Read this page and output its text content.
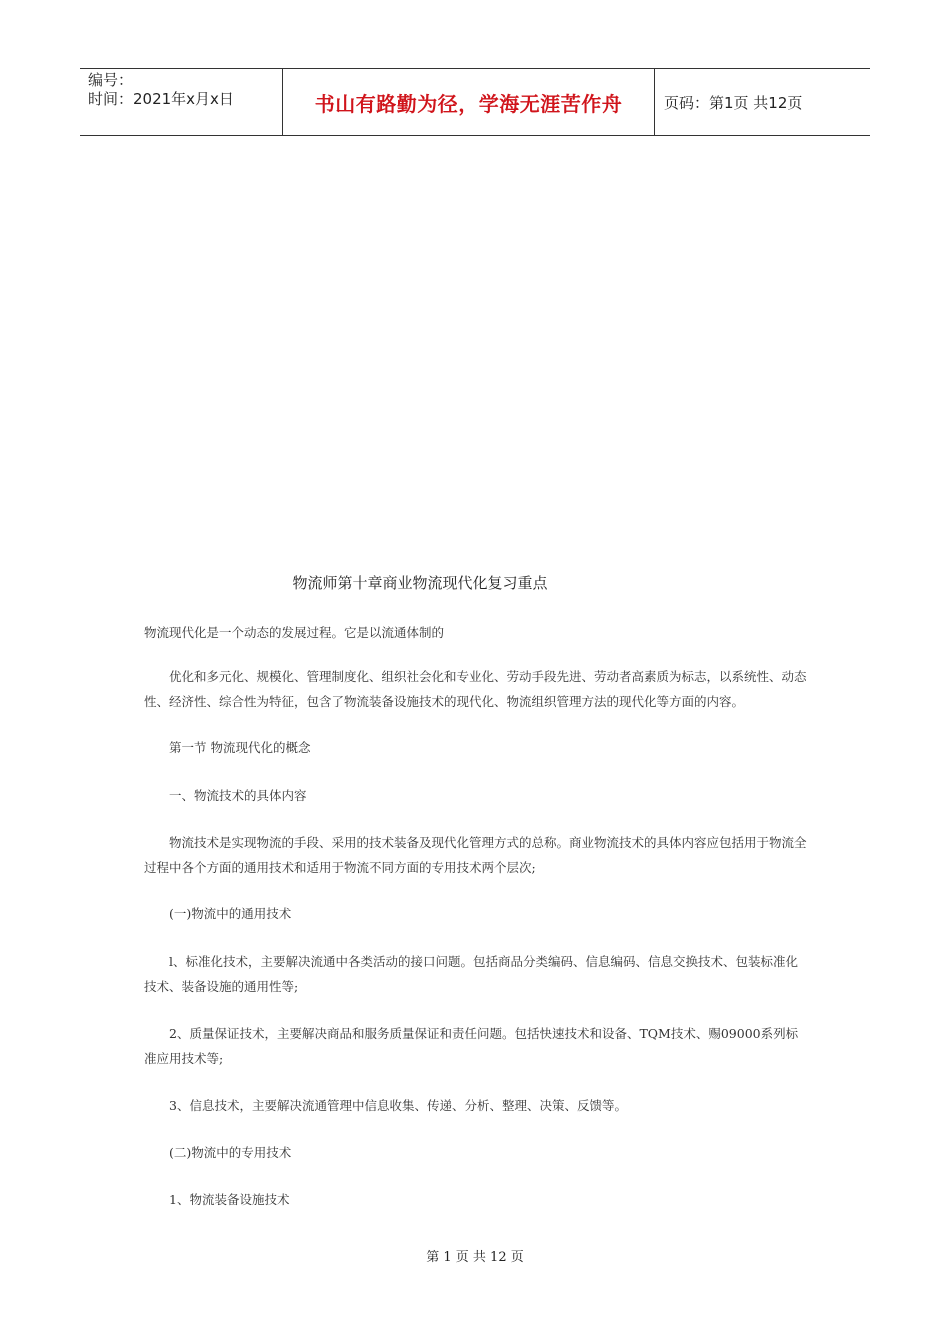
编号：
时间：2021年x月x日	书山有路勤为径，学海无涯苦作舟	页码：第1页 共12页
物流师第十章商业物流现代化复习重点

物流现代化是一个动态的发展过程。它是以流通体制的

优化和多元化、规模化、管理制度化、组织社会化和专业化、劳动手段先进、劳动者高素质为标志，以系统性、动态性、经济性、综合性为特征，包含了物流装备设施技术的现代化、物流组织管理方法的现代化等方面的内容。

第一节 物流现代化的概念

一、物流技术的具体内容

物流技术是实现物流的手段、采用的技术装备及现代化管理方式的总称。商业物流技术的具体内容应包括用于物流全过程中各个方面的通用技术和适用于物流不同方面的专用技术两个层次;

(一)物流中的通用技术

l、标准化技术，主要解决流通中各类活动的接口问题。包括商品分类编码、信息编码、信息交换技术、包装标准化技术、装备设施的通用性等;

2、质量保证技术，主要解决商品和服务质量保证和责任问题。包括快速技术和设备、TQM技术、赐09000系列标准应用技术等;

3、信息技术，主要解决流通管理中信息收集、传递、分析、整理、决策、反馈等。

(二)物流中的专用技术

1、物流装备设施技术

第 1 页 共 12 页
